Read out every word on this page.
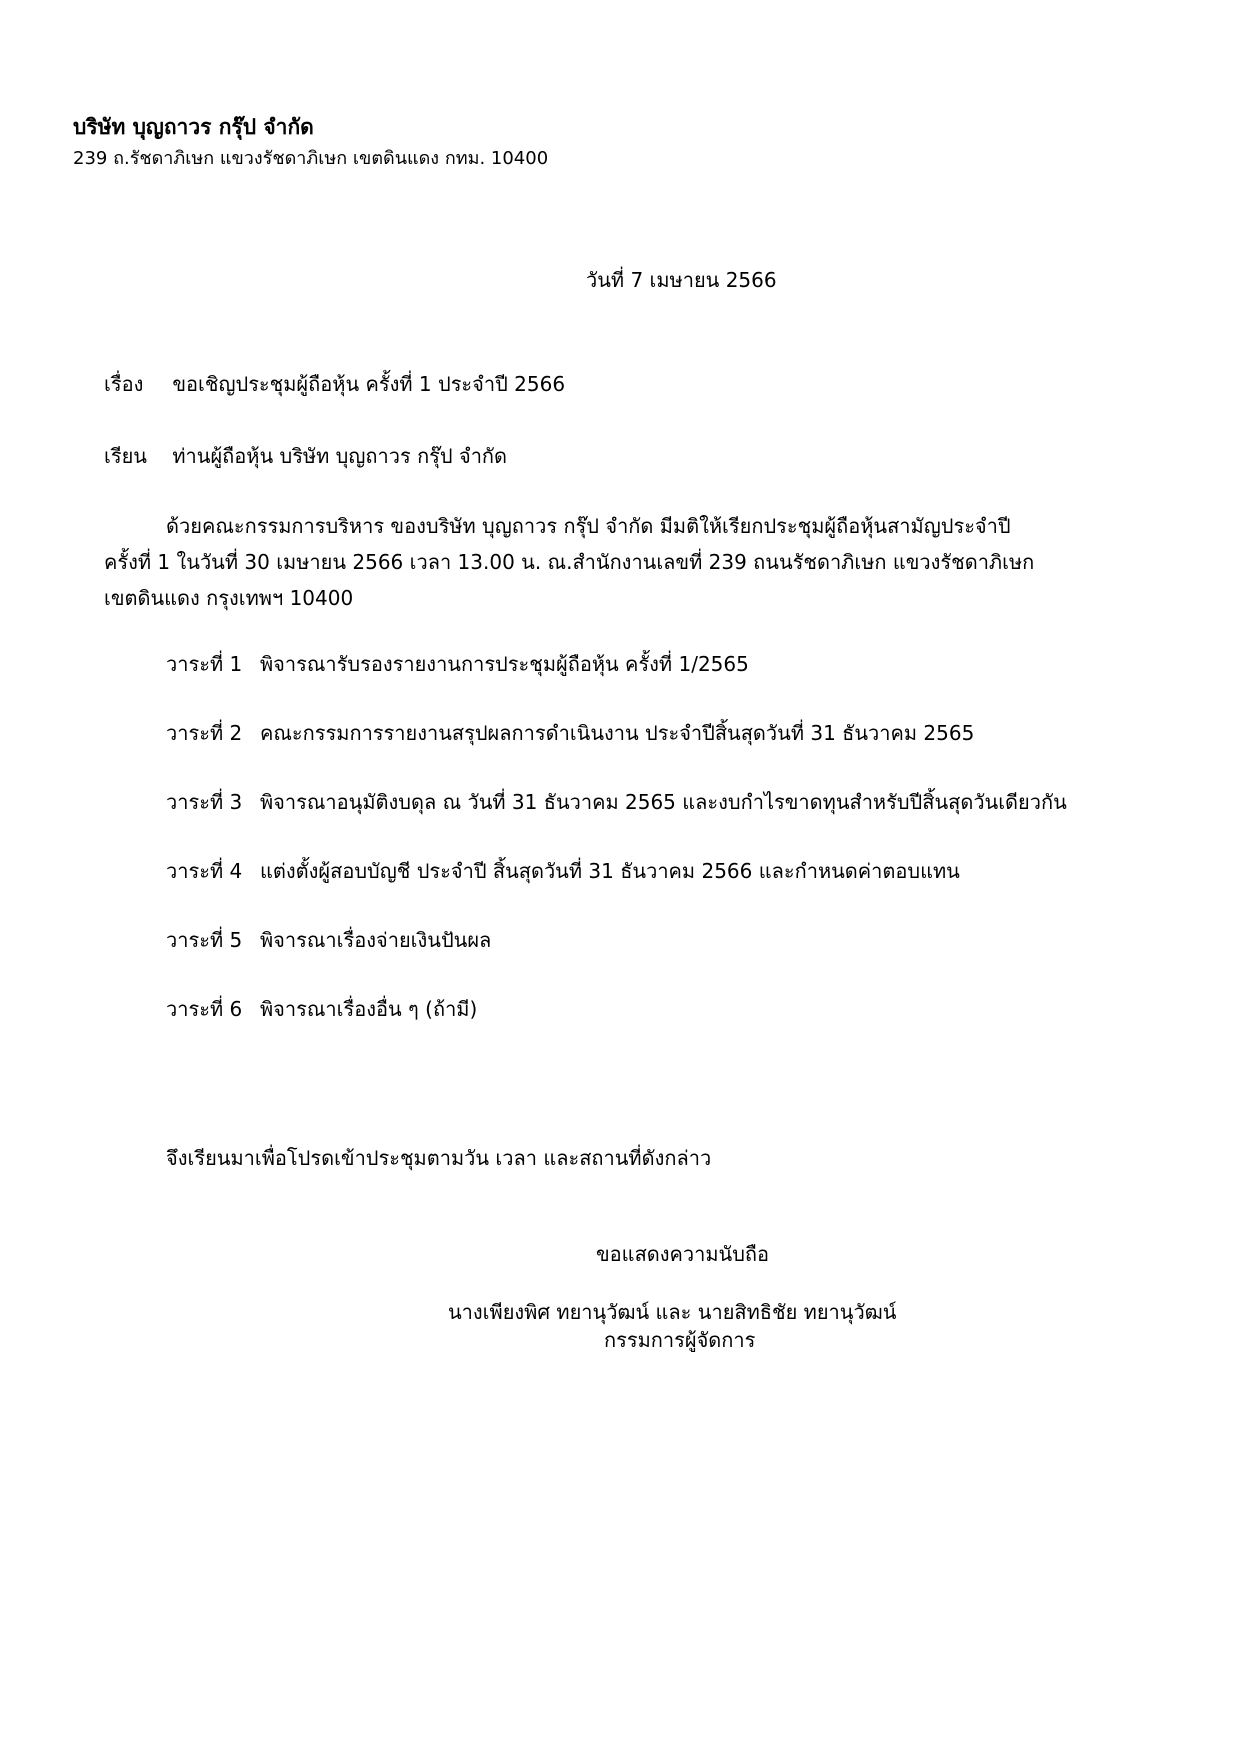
บริษัท บุญถาวร กรุ๊ป จำกัด
239 ถ.รัชดาภิเษก แขวงรัชดาภิเษก เขตดินแดง กทม. 10400
วันที่ 7 เมษายน 2566
เรื่อง ขอเชิญประชุมผู้ถือหุ้น ครั้งที่ 1 ประจำปี 2566
เรียน ท่านผู้ถือหุ้น บริษัท บุญถาวร กรุ๊ป จำกัด
ด้วยคณะกรรมการบริหาร ของบริษัท บุญถาวร กรุ๊ป จำกัด มีมติให้เรียกประชุมผู้ถือหุ้นสามัญประจำปี
ครั้งที่ 1 ในวันที่ 30 เมษายน 2566 เวลา 13.00 น. ณ.สำนักงานเลขที่ 239 ถนนรัชดาภิเษก แขวงรัชดาภิเษก
เขตดินแดง กรุงเทพฯ 10400
วาระที่ 1 พิจารณารับรองรายงานการประชุมผู้ถือหุ้น ครั้งที่ 1/2565
วาระที่ 2 คณะกรรมการรายงานสรุปผลการดำเนินงาน ประจำปีสิ้นสุดวันที่ 31 ธันวาคม 2565
วาระที่ 3 พิจารณาอนุมัติงบดุล ณ วันที่ 31 ธันวาคม 2565 และงบกำไรขาดทุนสำหรับปีสิ้นสุดวันเดียวกัน
วาระที่ 4 แต่งตั้งผู้สอบบัญชี ประจำปี สิ้นสุดวันที่ 31 ธันวาคม 2566 และกำหนดค่าตอบแทน
วาระที่ 5 พิจารณาเรื่องจ่ายเงินปันผล
วาระที่ 6 พิจารณาเรื่องอื่น ๆ (ถ้ามี)
จึงเรียนมาเพื่อโปรดเข้าประชุมตามวัน เวลา และสถานที่ดังกล่าว
ขอแสดงความนับถือ
นางเพียงพิศ ทยานุวัฒน์ และ นายสิทธิชัย ทยานุวัฒน์
กรรมการผู้จัดการ
